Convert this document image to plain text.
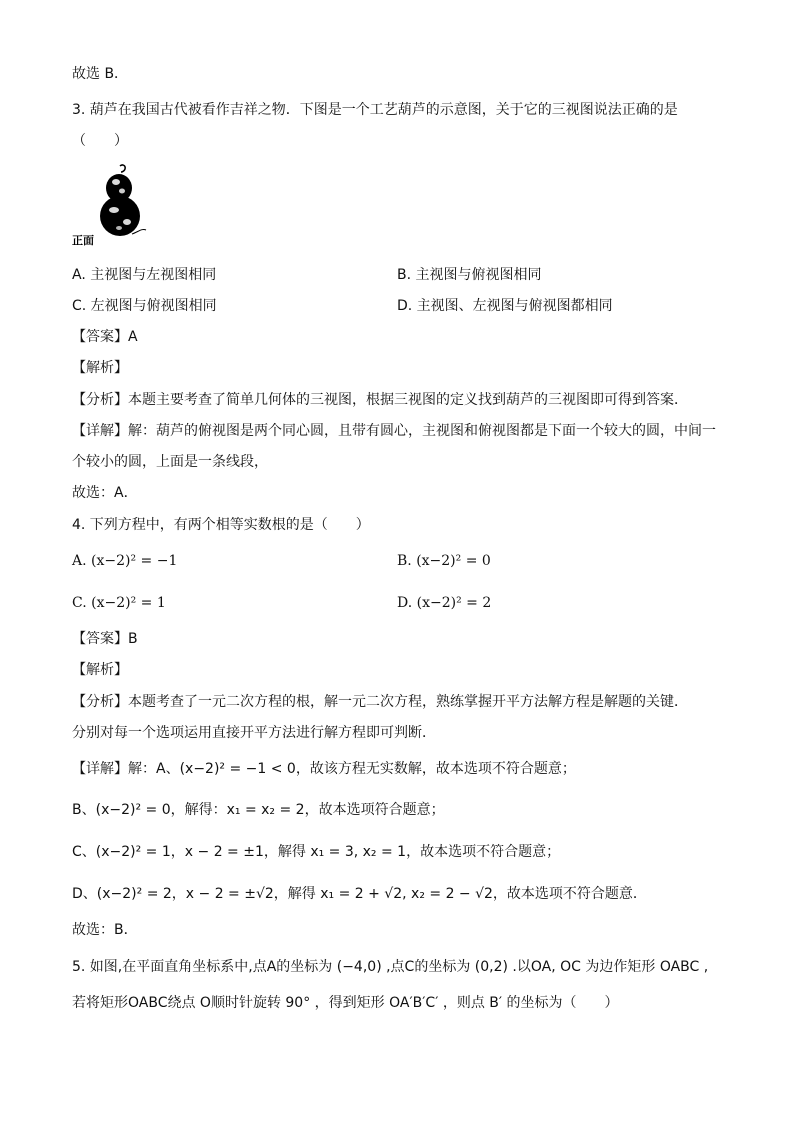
故选 B．
3. 葫芦在我国古代被看作吉祥之物．下图是一个工艺葫芦的示意图，关于它的三视图说法正确的是
（　　）
正面
A. 主视图与左视图相同	B. 主视图与俯视图相同
C. 左视图与俯视图相同	D. 主视图、左视图与俯视图都相同
【答案】A
【解析】
【分析】本题主要考查了简单几何体的三视图，根据三视图的定义找到葫芦的三视图即可得到答案．
【详解】解：葫芦的俯视图是两个同心圆，且带有圆心，主视图和俯视图都是下面一个较大的圆，中间一
个较小的圆，上面是一条线段，
故选：A．
4. 下列方程中，有两个相等实数根的是（　　）
A. (x−2)² = −1	B. (x−2)² = 0
C. (x−2)² = 1	D. (x−2)² = 2
【答案】B
【解析】
【分析】本题考查了一元二次方程的根，解一元二次方程，熟练掌握开平方法解方程是解题的关键．
分别对每一个选项运用直接开平方法进行解方程即可判断．
【详解】解：A、(x−2)² = −1 < 0，故该方程无实数解，故本选项不符合题意；
B、(x−2)² = 0，解得：x₁ = x₂ = 2，故本选项符合题意；
C、(x−2)² = 1，x − 2 = ±1，解得 x₁ = 3, x₂ = 1，故本选项不符合题意；
D、(x−2)² = 2，x − 2 = ±√2，解得 x₁ = 2 + √2, x₂ = 2 − √2，故本选项不符合题意．
故选：B．
5. 如图,在平面直角坐标系中,点A的坐标为 (−4,0) ,点C的坐标为 (0,2) .以OA, OC 为边作矩形 OABC ,
若将矩形OABC绕点 O顺时针旋转 90° ，得到矩形 OA′B′C′ ，则点 B′ 的坐标为（　　）
